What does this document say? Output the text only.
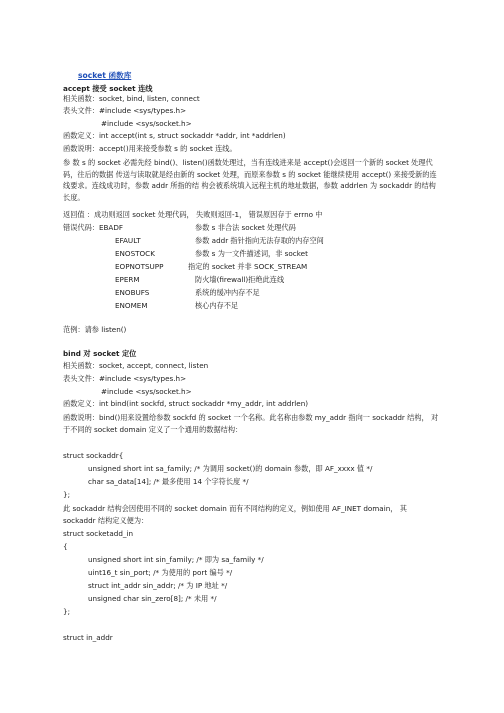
socket 函数库
accept 接受 socket 连线
相关函数：socket, bind, listen, connect
表头文件：#include <sys/types.h>
#include <sys/socket.h>
函数定义：int accept(int s, struct sockaddr *addr, int *addrlen)
函数说明：accept()用来接受参数 s 的 socket 连线。
参 数 s 的 socket 必需先经 bind()、listen()函数处理过，当有连线进来是 accept()会返回一个新的 socket 处理代码，往后的数据 传送与读取就是经由新的 socket 处理，而原来参数 s 的 socket 能继续使用 accept() 来接受新的连线要求。连线成功时，参数 addr 所指的结 构会被系统填入远程主机的地址数据，参数 addrlen 为 sockaddr 的结构长度。
返回值 ：成功则返回 socket 处理代码， 失败则返回-1， 错误原因存于 errno 中
错误代码：EBADF	参数 s 非合法 socket 处理代码
EFAULT	参数 addr 指针指向无法存取的内存空间
ENOSTOCK	参数 s 为一文件描述词，非 socket
EOPNOTSUPP	指定的 socket 并非 SOCK_STREAM
EPERM	防火墙(firewall)拒绝此连线
ENOBUFS	系统的缓冲内存不足
ENOMEM	核心内存不足
范例：请参 listen()
bind 对 socket 定位
相关函数：socket, accept, connect, listen
表头文件：#include <sys/types.h>
#include <sys/socket.h>
函数定义：int bind(int sockfd, struct sockaddr *my_addr, int addrlen)
函数说明：bind()用来设置给参数 sockfd 的 socket 一个名称。此名称由参数 my_addr 指向一 sockaddr 结构， 对于不同的 socket domain 定义了一个通用的数据结构：
struct sockaddr{
unsigned short int sa_family; /* 为调用 socket()的 domain 参数，即 AF_xxxx 值 */
char sa_data[14]; /* 最多使用 14 个字符长度 */
};
此 sockaddr 结构会因使用不同的 socket domain 而有不同结构的定义，例如使用 AF_INET domain， 其 sockaddr 结构定义便为：
struct socketadd_in
{
unsigned short int sin_family; /* 即为 sa_family */
uint16_t sin_port; /* 为使用的 port 编号 */
struct int_addr sin_addr; /* 为 IP 地址 */
unsigned char sin_zero[8]; /* 未用 */
};
struct in_addr
